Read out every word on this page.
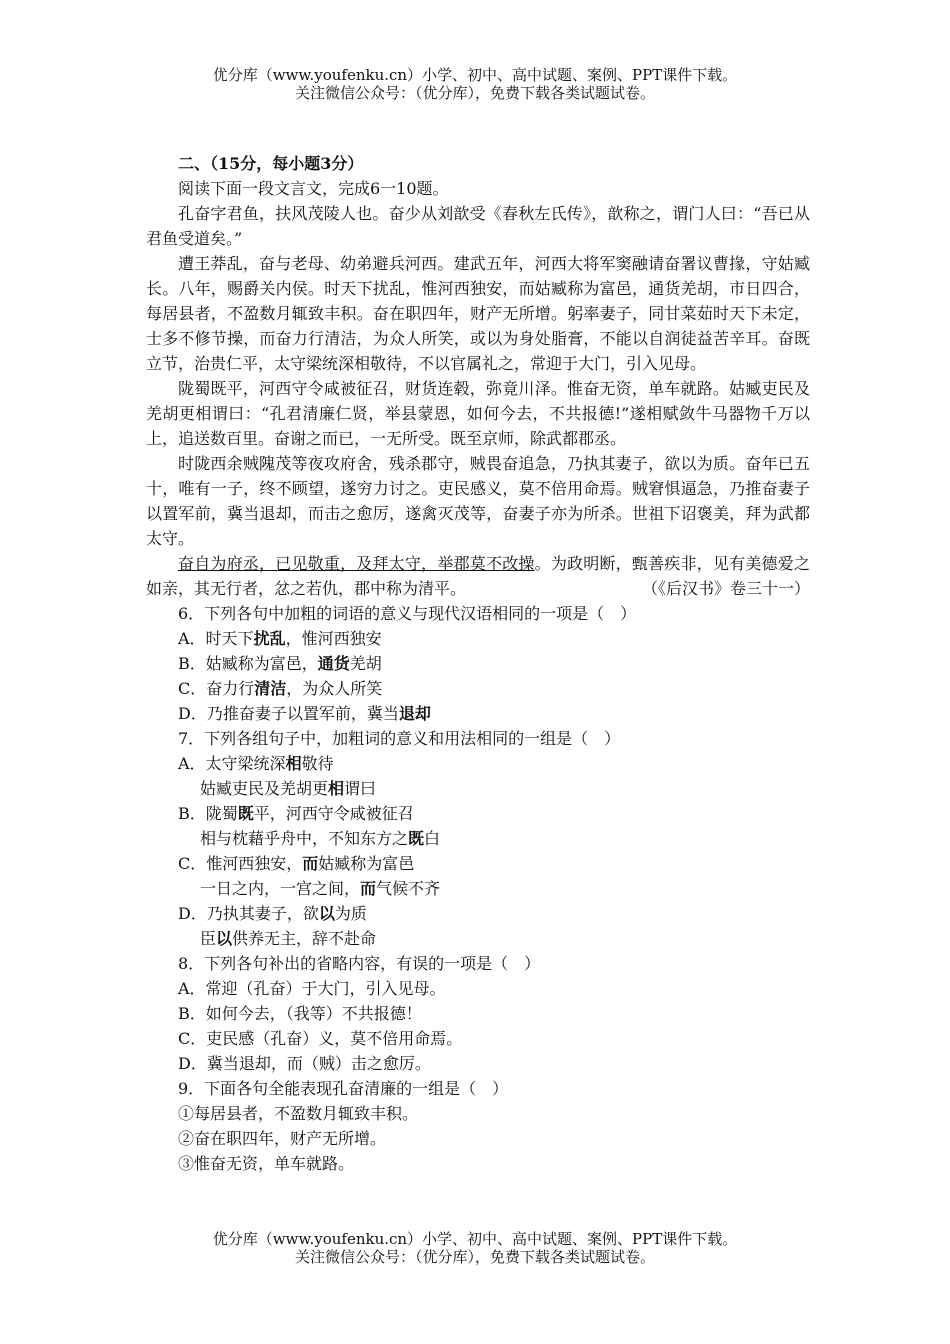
优分库（www.youfenku.cn）小学、初中、高中试题、案例、PPT课件下载。
关注微信公众号：（优分库），免费下载各类试题试卷。

二、（15分，每小题3分）

阅读下面一段文言文，完成6一10题。

孔奋字君鱼，扶风茂陵人也。奋少从刘歆受《春秋左氏传》，歆称之，谓门人曰：“吾已从君鱼受道矣。”

遭王莽乱，奋与老母、幼弟避兵河西。建武五年，河西大将军窦融请奋署议曹掾，守姑臧长。八年，赐爵关内侯。时天下扰乱，惟河西独安，而姑臧称为富邑，通货羌胡，市日四合，每居县者，不盈数月辄致丰积。奋在职四年，财产无所增。躬率妻子，同甘菜茹时天下未定，士多不修节操，而奋力行清洁，为众人所笑，或以为身处脂膏，不能以自润徒益苦辛耳。奋既立节，治贵仁平，太守梁统深相敬待，不以官属礼之，常迎于大门，引入见母。

陇蜀既平，河西守令咸被征召，财货连毂，弥竟川泽。惟奋无资，单车就路。姑臧吏民及羌胡更相谓曰：“孔君清廉仁贤，举县蒙恩，如何今去，不共报德!”遂相赋敛牛马器物千万以上，追送数百里。奋谢之而已，一无所受。既至京师，除武都郡丞。

时陇西余贼隗茂等夜攻府舍，残杀郡守，贼畏奋追急，乃执其妻子，欲以为质。奋年已五十，唯有一子，终不顾望，遂穷力讨之。吏民感义，莫不倍用命焉。贼窘惧逼急，乃推奋妻子以置军前，冀当退却，而击之愈厉，遂禽灭茂等，奋妻子亦为所杀。世祖下诏褒美，拜为武都太守。

奋自为府丞，已见敬重，及拜太守，举郡莫不改操。为政明断，甄善疾非，见有美德爱之如亲，其无行者，忿之若仇，郡中称为清平。	（《后汉书》卷三十一）

6．下列各句中加粗的词语的意义与现代汉语相同的一项是（　）

A．时天下扰乱，惟河西独安

B．姑臧称为富邑，通货羌胡

C．奋力行清洁，为众人所笑

D．乃推奋妻子以置军前，冀当退却

7．下列各组句子中，加粗词的意义和用法相同的一组是（　）

A．太守梁统深相敬待

姑臧吏民及羌胡更相谓曰

B．陇蜀既平，河西守令咸被征召

相与枕藉乎舟中，不知东方之既白

C．惟河西独安，而姑臧称为富邑

一日之内，一宫之间，而气候不齐

D．乃执其妻子，欲以为质

臣以供养无主，辞不赴命

8．下列各句补出的省略内容，有误的一项是（　）

A．常迎（孔奋）于大门，引入见母。

B．如何今去，（我等）不共报德！

C．吏民感（孔奋）义，莫不倍用命焉。

D．冀当退却，而（贼）击之愈厉。

9．下面各句全能表现孔奋清廉的一组是（　）

①每居县者，不盈数月辄致丰积。

②奋在职四年，财产无所增。

③惟奋无资，单车就路。

优分库（www.youfenku.cn）小学、初中、高中试题、案例、PPT课件下载。
关注微信公众号：（优分库），免费下载各类试题试卷。
